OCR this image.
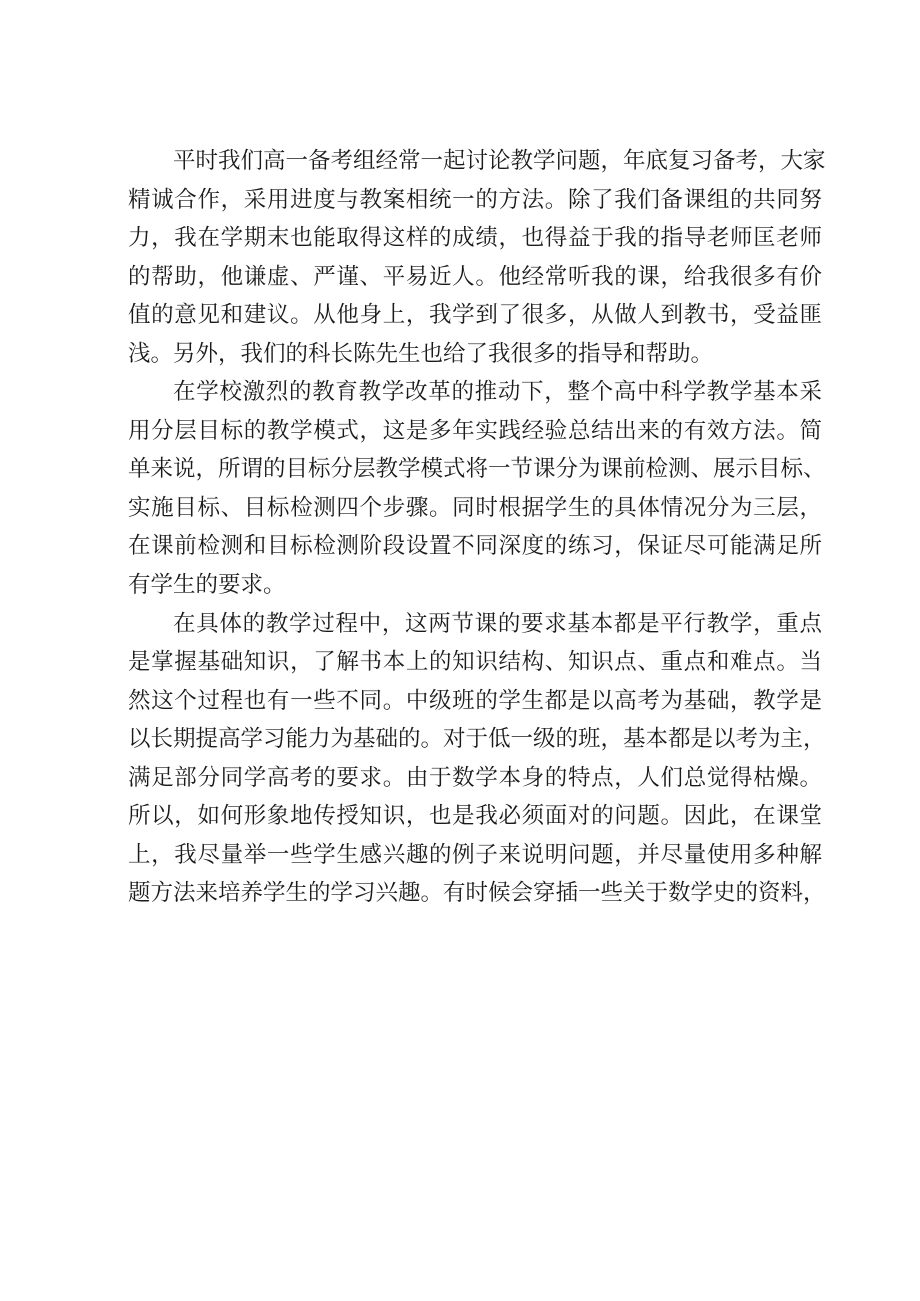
平时我们高一备考组经常一起讨论教学问题，年底复习备考，大家
精诚合作，采用进度与教案相统一的方法。除了我们备课组的共同努
力，我在学期末也能取得这样的成绩，也得益于我的指导老师匡老师
的帮助，他谦虚、严谨、平易近人。他经常听我的课，给我很多有价
值的意见和建议。从他身上，我学到了很多，从做人到教书，受益匪
浅。另外，我们的科长陈先生也给了我很多的指导和帮助。
在学校激烈的教育教学改革的推动下，整个高中科学教学基本采
用分层目标的教学模式，这是多年实践经验总结出来的有效方法。简
单来说，所谓的目标分层教学模式将一节课分为课前检测、展示目标、
实施目标、目标检测四个步骤。同时根据学生的具体情况分为三层，
在课前检测和目标检测阶段设置不同深度的练习，保证尽可能满足所
有学生的要求。
在具体的教学过程中，这两节课的要求基本都是平行教学，重点
是掌握基础知识，了解书本上的知识结构、知识点、重点和难点。当
然这个过程也有一些不同。中级班的学生都是以高考为基础，教学是
以长期提高学习能力为基础的。对于低一级的班，基本都是以考为主，
满足部分同学高考的要求。由于数学本身的特点，人们总觉得枯燥。
所以，如何形象地传授知识，也是我必须面对的问题。因此，在课堂
上，我尽量举一些学生感兴趣的例子来说明问题，并尽量使用多种解
题方法来培养学生的学习兴趣。有时候会穿插一些关于数学史的资料，
